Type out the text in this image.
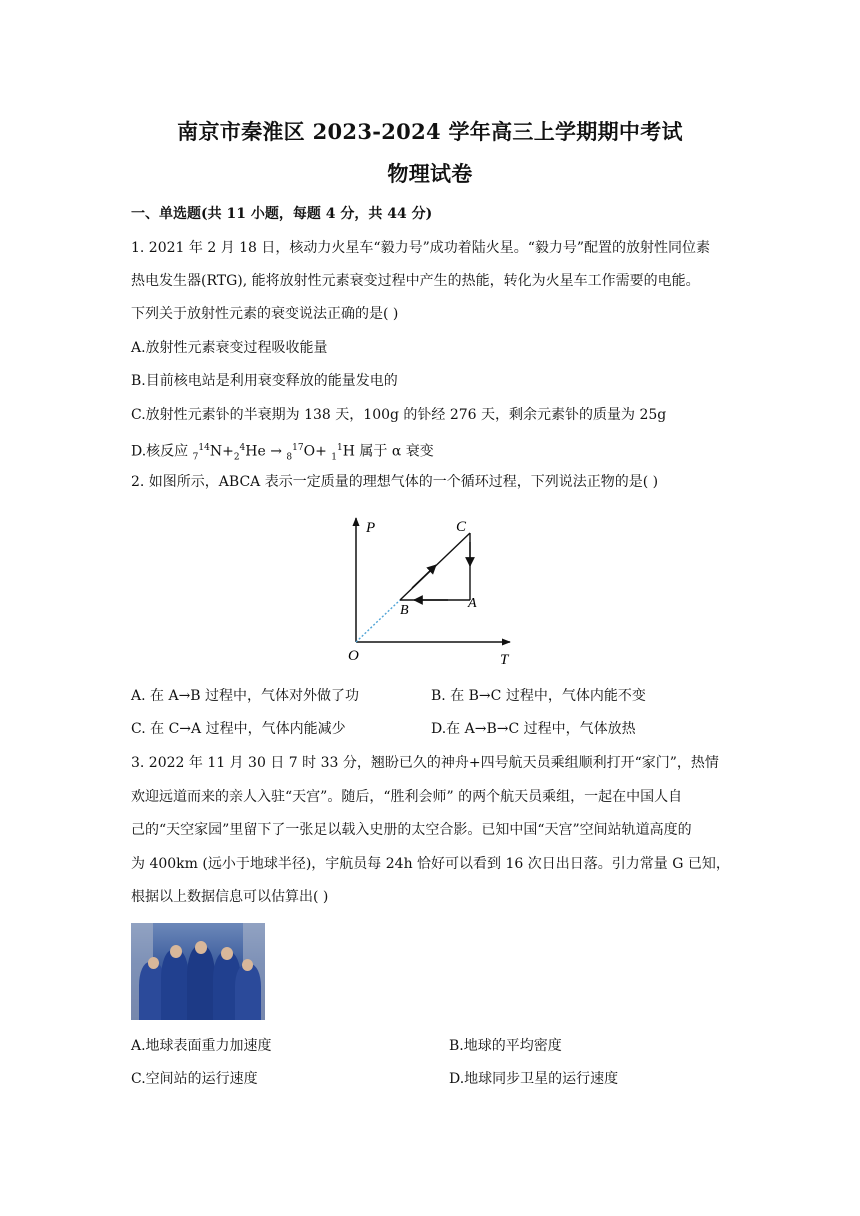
南京市秦淮区 2023-2024 学年高三上学期期中考试
物理试卷
一、单选题(共 11 小题，每题 4 分，共 44 分)
1. 2021 年 2 月 18 日，核动力火星车“毅力号”成功着陆火星。“毅力号”配置的放射性同位素
热电发生器(RTG), 能将放射性元素衰变过程中产生的热能，转化为火星车工作需要的电能。
下列关于放射性元素的衰变说法正确的是( )
A.放射性元素衰变过程吸收能量
B.目前核电站是利用衰变释放的能量发电的
C.放射性元素钋的半衰期为 138 天，100g 的钋经 276 天，剩余元素钋的质量为 25g
D.核反应 $_7^{14}N+_2^4He \to _8^{17}O+ _1^1H$ 属于 α 衰变
2. 如图所示，ABCA 表示一定质量的理想气体的一个循环过程，下列说法正物的是( )
P
T
O
A
B
C
A. 在 A→B 过程中，气体对外做了功	B. 在 B→C 过程中，气体内能不变
C. 在 C→A 过程中，气体内能减少	D.在 A→B→C 过程中，气体放热
3. 2022 年 11 月 30 日 7 时 33 分，翘盼已久的神舟+四号航天员乘组顺利打开“家门”，热情
欢迎远道而来的亲人入驻“天宫”。随后，“胜利会师” 的两个航天员乘组，一起在中国人自
己的“天空家园”里留下了一张足以载入史册的太空合影。已知中国“天宫”空间站轨道高度的
为 400km (远小于地球半径)，宇航员每 24h 恰好可以看到 16 次日出日落。引力常量 G 已知，
根据以上数据信息可以估算出( )
A.地球表面重力加速度	B.地球的平均密度
C.空间站的运行速度	D.地球同步卫星的运行速度
